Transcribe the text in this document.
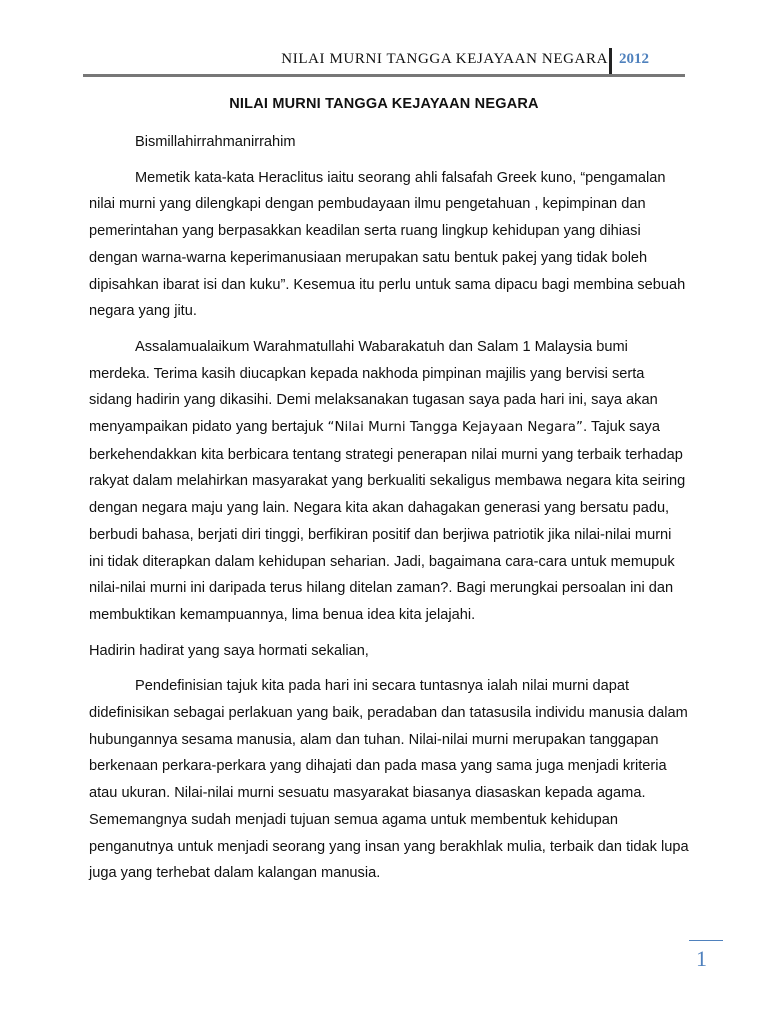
NILAI MURNI TANGGA KEJAYAAN NEGARA 2012
NILAI MURNI TANGGA KEJAYAAN NEGARA

Bismillahirrahmanirrahim

Memetik kata-kata Heraclitus iaitu seorang ahli falsafah Greek kuno, “pengamalan nilai murni yang dilengkapi dengan pembudayaan ilmu pengetahuan , kepimpinan dan pemerintahan yang berpasakkan keadilan serta ruang lingkup kehidupan yang dihiasi dengan warna-warna keperimanusiaan merupakan satu bentuk pakej yang tidak boleh dipisahkan ibarat isi dan kuku”. Kesemua itu perlu untuk sama dipacu bagi membina sebuah negara yang jitu.

Assalamualaikum Warahmatullahi Wabarakatuh dan Salam 1 Malaysia bumi merdeka. Terima kasih diucapkan kepada nakhoda pimpinan majilis yang bervisi serta sidang hadirin yang dikasihi. Demi melaksanakan tugasan saya pada hari ini, saya akan menyampaikan pidato yang bertajuk “Nilai Murni Tangga Kejayaan Negara”. Tajuk saya berkehendakkan kita berbicara tentang strategi penerapan nilai murni yang terbaik terhadap rakyat dalam melahirkan masyarakat yang berkualiti sekaligus membawa negara kita seiring dengan negara maju yang lain. Negara kita akan dahagakan generasi yang bersatu padu, berbudi bahasa, berjati diri tinggi, berfikiran positif dan berjiwa patriotik jika nilai-nilai murni ini tidak diterapkan dalam kehidupan seharian. Jadi, bagaimana cara-cara untuk memupuk nilai-nilai murni ini daripada terus hilang ditelan zaman?. Bagi merungkai persoalan ini dan membuktikan kemampuannya, lima benua idea kita jelajahi.

Hadirin hadirat yang saya hormati sekalian,

Pendefinisian tajuk kita pada hari ini secara tuntasnya ialah nilai murni dapat didefinisikan sebagai perlakuan yang baik, peradaban dan tatasusila individu manusia dalam hubungannya sesama manusia, alam dan tuhan. Nilai-nilai murni merupakan tanggapan berkenaan perkara-perkara yang dihajati dan pada masa yang sama juga menjadi kriteria atau ukuran. Nilai-nilai murni sesuatu masyarakat biasanya diasaskan kepada agama. Sememangnya sudah menjadi tujuan semua agama untuk membentuk kehidupan penganutnya untuk menjadi seorang yang insan yang berakhlak mulia, terbaik dan tidak lupa juga yang terhebat dalam kalangan manusia.

1
